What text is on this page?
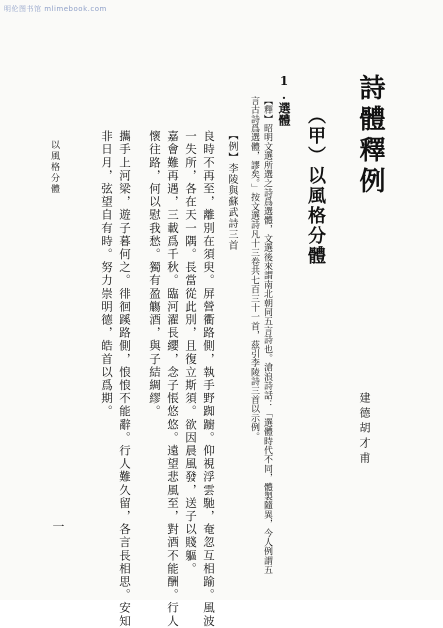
明伦图书馆 mlimebook.com
詩體釋例
（甲）以風格分體
1.選體
建德胡才甫
【釋】昭明文選所選之詩爲選體，文選後來謂南北朝同五言詩也。滄浪詩話：「選體時代不同，體製隨異，今人例謂五
言古詩爲選體，謬矣。」按文選詩凡十三卷共七百三十一首，茲引李陵詩三首以示例。
【例】李陵與蘇武詩三首
良時不再至，離別在須臾。屏營衢路側，執手野踟躕。仰視浮雲馳，奄忽互相踰。風波
一失所，各在天一隅。長當從此別，且復立斯須。欲因晨風發，送子以賤軀。
嘉會難再遇，三載爲千秋。臨河濯長纓，念子悵悠悠。遠望悲風至，對酒不能酬。行人
懷往路，何以慰我愁。獨有盈觴酒，與子結綢繆。
攜手上河梁，遊子暮何之。徘徊蹊路側，悢悢不能辭。行人難久留，各言長相思。安知
非日月，弦望自有時。努力崇明德，皓首以爲期。
以風格分體
一
